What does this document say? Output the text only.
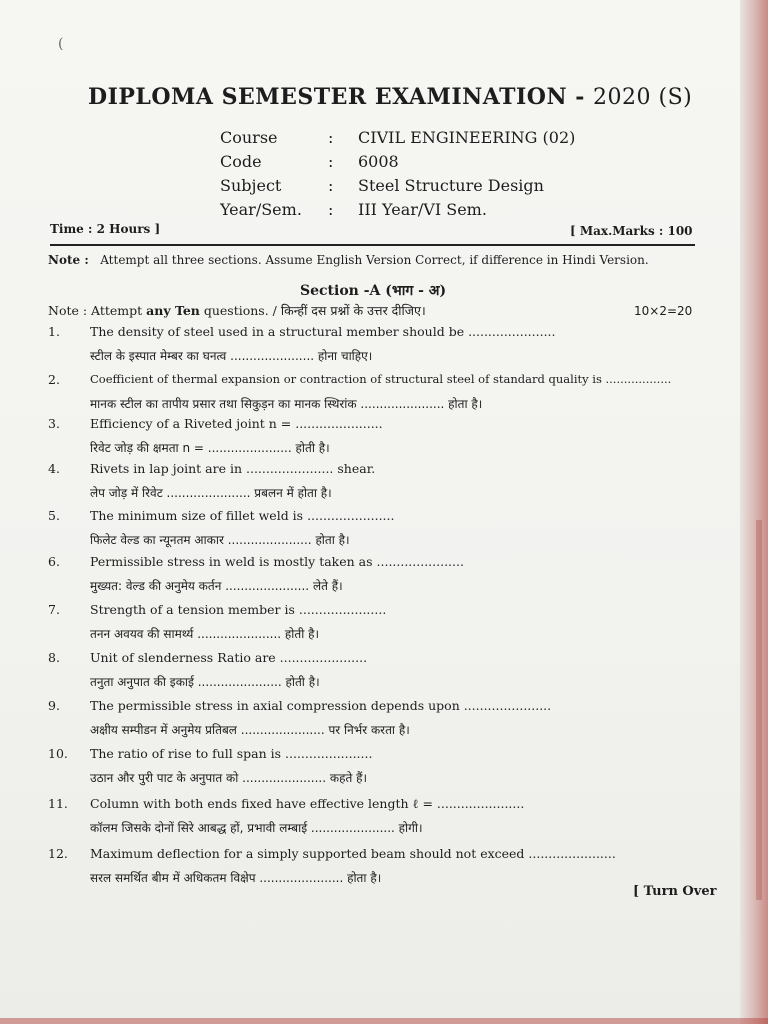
(
DIPLOMA SEMESTER EXAMINATION - 2020 (S)
Course	:	CIVIL ENGINEERING (02)
Code	:	6008
Subject	:	Steel Structure Design
Year/Sem.	:	III Year/VI Sem.
Time : 2 Hours ]	[ Max.Marks : 100
Note : Attempt all three sections. Assume English Version Correct, if difference in Hindi Version.
Section -A (भाग - अ)
Note : Attempt any Ten questions. / किन्हीं दस प्रश्नों के उत्तर दीजिए।	10×2=20
1.	The density of steel used in a structural member should be ......................
स्टील के इस्पात मेम्बर का घनत्व ...................... होना चाहिए।
2.	Coefficient of thermal expansion or contraction of structural steel of standard quality is ..................
मानक स्टील का तापीय प्रसार तथा सिकुड़न का मानक स्थिरांक ...................... होता है।
3.	Efficiency of a Riveted joint n = ......................
रिवेट जोड़ की क्षमता n = ...................... होती है।
4.	Rivets in lap joint are in ...................... shear.
लेप जोड़ में रिवेट ...................... प्रबलन में होता है।
5.	The minimum size of fillet weld is ......................
फिलेट वेल्ड का न्यूनतम आकार ...................... होता है।
6.	Permissible stress in weld is mostly taken as ......................
मुख्यत: वेल्ड की अनुमेय कर्तन ...................... लेते हैं।
7.	Strength of a tension member is ......................
तनन अवयव की सामर्थ्य ...................... होती है।
8.	Unit of slenderness Ratio are ......................
तनुता अनुपात की इकाई ...................... होती है।
9.	The permissible stress in axial compression depends upon ......................
अक्षीय सम्पीडन में अनुमेय प्रतिबल ...................... पर निर्भर करता है।
10.	The ratio of rise to full span is ......................
उठान और पुरी पाट के अनुपात को ...................... कहते हैं।
11.	Column with both ends fixed have effective length ℓ = ......................
कॉलम जिसके दोनों सिरे आबद्ध हों, प्रभावी लम्बाई ...................... होगी।
12.	Maximum deflection for a simply supported beam should not exceed ......................
सरल समर्थित बीम में अधिकतम विक्षेप ...................... होता है।
[ Turn Over
